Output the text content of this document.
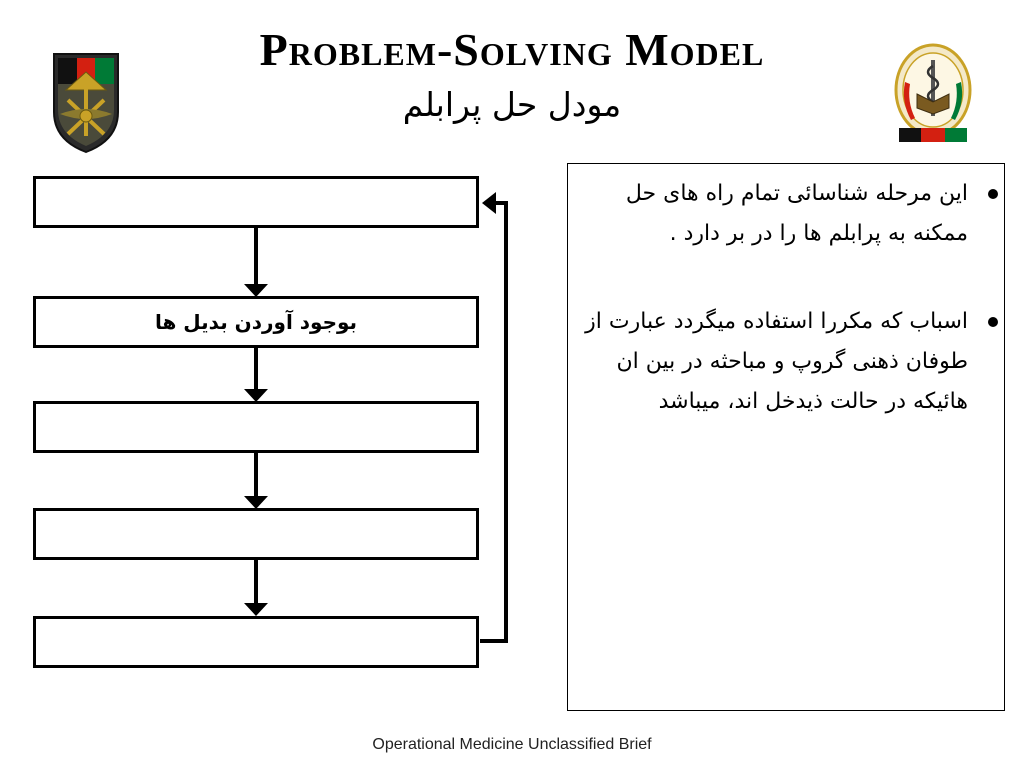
Problem-Solving Model
مودل حل پرابلم
بوجود آوردن بدیل ها
این مرحله شناسائی تمام راه های حل ممکنه به پرابلم ها را در بر دارد .
اسباب که مکررا استفاده میگردد عبارت از طوفان ذهنی گروپ و مباحثه در بین ان هائیکه در حالت ذیدخل اند، میباشد
Operational Medicine Unclassified Brief
